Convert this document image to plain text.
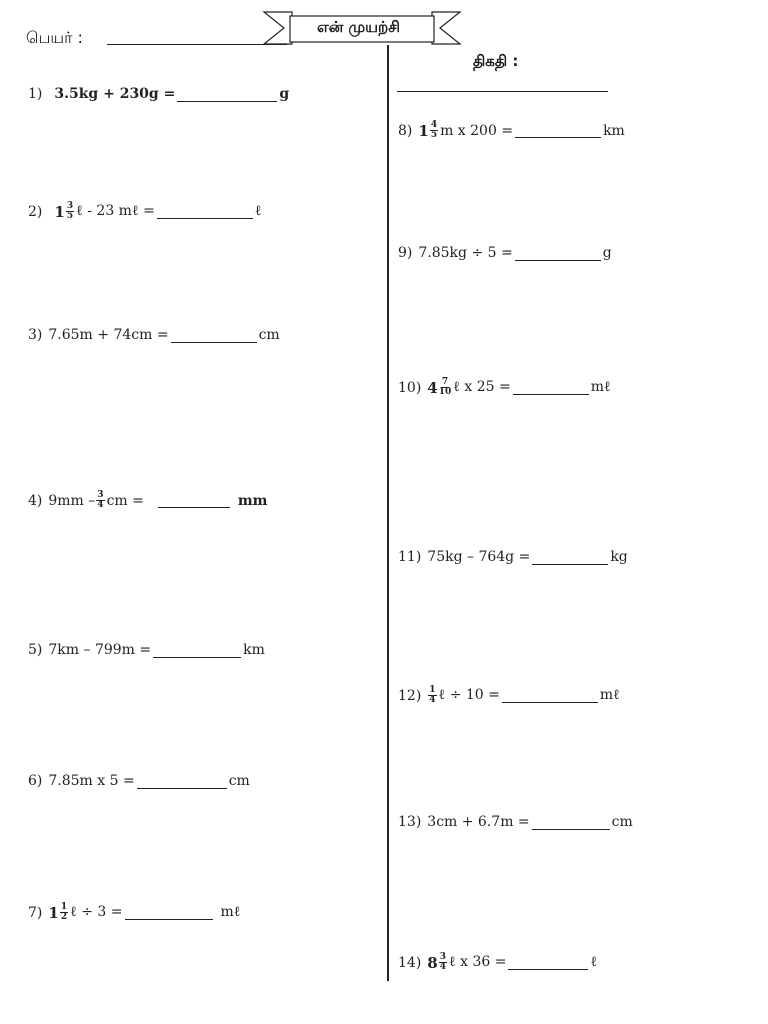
பெயர் :
என் முயற்சி
திகதி :
1) 3.5kg + 230g =	g
2) $1 \frac{3}{5}$ ℓ - 23 mℓ =	ℓ
3) 7.65m + 74cm =	cm
4) $9mm - \frac{3}{4}$ cm =	mm
5) 7km – 799m =	km
6) 7.85m x 5 =	cm
7) $1 \frac{1}{2}$ ℓ ÷ 3 =	mℓ
8) $1 \frac{4}{5}$ m x 200 =	km
9) 7.85kg ÷ 5 =	g
10) $4 \frac{7}{10}$ ℓ x 25 =	mℓ
11) 75kg – 764g =	kg
$12) \frac{1}{4}$ ℓ ÷ 10 =	mℓ
13) 3cm + 6.7m =	cm
14) $8 \frac{3}{4}$ ℓ x 36 =	ℓ
